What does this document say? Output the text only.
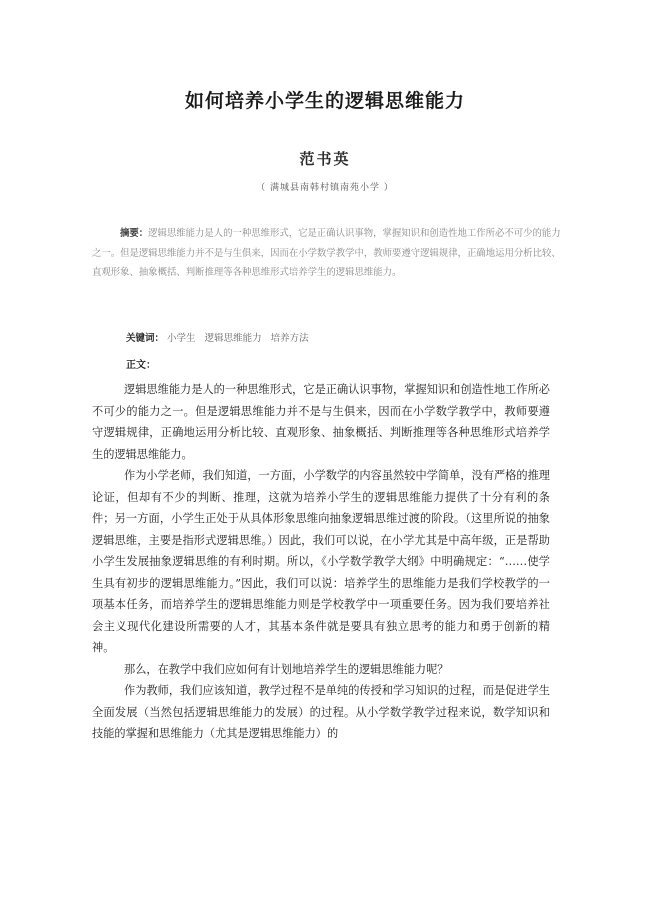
如何培养小学生的逻辑思维能力
范书英
（ 满城县南韩村镇南苑小学 ）
摘要：逻辑思维能力是人的一种思维形式，它是正确认识事物，掌握知识和创造性地工作所必不可少的能力之一。但是逻辑思维能力并不是与生俱来，因而在小学数学教学中，教师要遵守逻辑规律，正确地运用分析比较、直观形象、抽象概括、判断推理等各种思维形式培养学生的逻辑思维能力。
关键词： 小学生 逻辑思维能力 培养方法
正文：

逻辑思维能力是人的一种思维形式，它是正确认识事物，掌握知识和创造性地工作所必不可少的能力之一。但是逻辑思维能力并不是与生俱来，因而在小学数学教学中，教师要遵守逻辑规律，正确地运用分析比较、直观形象、抽象概括、判断推理等各种思维形式培养学生的逻辑思维能力。

作为小学老师，我们知道，一方面，小学数学的内容虽然较中学简单，没有严格的推理论证，但却有不少的判断、推理，这就为培养小学生的逻辑思维能力提供了十分有利的条件；另一方面，小学生正处于从具体形象思维向抽象逻辑思维过渡的阶段。（这里所说的抽象逻辑思维，主要是指形式逻辑思维。）因此，我们可以说，在小学尤其是中高年级，正是帮助小学生发展抽象逻辑思维的有利时期。所以，《小学数学教学大纲》中明确规定：“……使学生具有初步的逻辑思维能力。”因此，我们可以说：培养学生的思维能力是我们学校教学的一项基本任务，而培养学生的逻辑思维能力则是学校教学中一项重要任务。因为我们要培养社会主义现代化建设所需要的人才，其基本条件就是要具有独立思考的能力和勇于创新的精神。

那么，在教学中我们应如何有计划地培养学生的逻辑思维能力呢？

作为教师，我们应该知道，教学过程不是单纯的传授和学习知识的过程，而是促进学生全面发展（当然包括逻辑思维能力的发展）的过程。从小学数学教学过程来说，数学知识和技能的掌握和思维能力（尤其是逻辑思维能力）的
